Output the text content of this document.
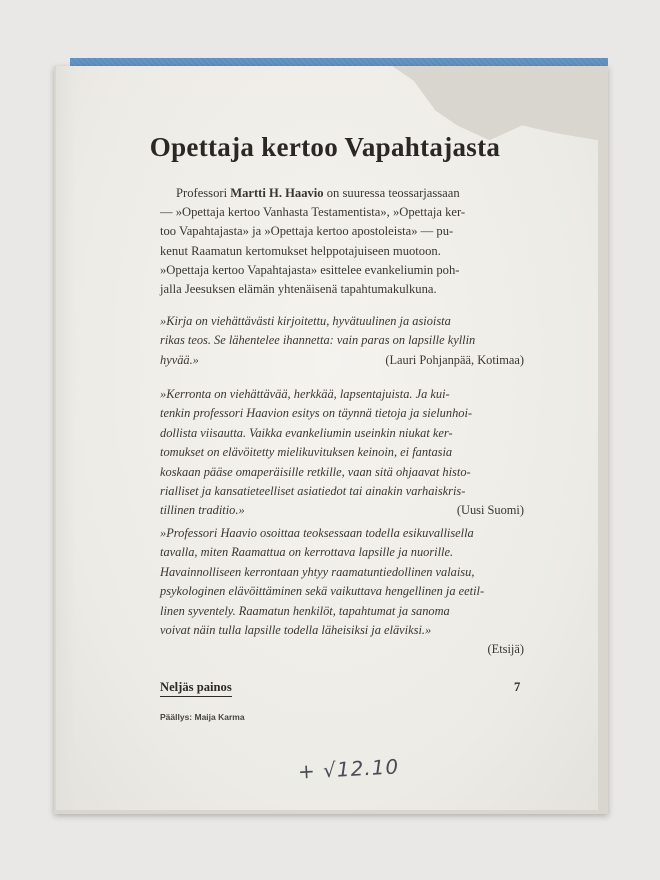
Opettaja kertoo Vapahtajasta
Professori Martti H. Haavio on suuressa teossarjassaan
— »Opettaja kertoo Vanhasta Testamentista», »Opettaja ker-
too Vapahtajasta» ja »Opettaja kertoo apostoleista» — pu-
kenut Raamatun kertomukset helppotajuiseen muotoon.
»Opettaja kertoo Vapahtajasta» esittelee evankeliumin poh-
jalla Jeesuksen elämän yhtenäisenä tapahtumakulkuna.
»Kirja on viehättävästi kirjoitettu, hyvätuulinen ja asioista
rikas teos. Se lähentelee ihannetta: vain paras on lapsille kyllin
hyvää.»	(Lauri Pohjanpää, Kotimaa)
»Kerronta on viehättävää, herkkää, lapsentajuista. Ja kui-
tenkin professori Haavion esitys on täynnä tietoja ja sielunhoi-
dollista viisautta. Vaikka evankeliumin useinkin niukat ker-
tomukset on elävöitetty mielikuvituksen keinoin, ei fantasia
koskaan pääse omaperäisille retkille, vaan sitä ohjaavat histo-
rialliset ja kansatieteelliset asiatiedot tai ainakin varhaiskris-
tillinen traditio.»	(Uusi Suomi)
»Professori Haavio osoittaa teoksessaan todella esikuvallisella
tavalla, miten Raamattua on kerrottava lapsille ja nuorille.
Havainnolliseen kerrontaan yhtyy raamatuntiedollinen valaisu,
psykologinen elävöittäminen sekä vaikuttava hengellinen ja eetil-
linen syventely. Raamatun henkilöt, tapahtumat ja sanoma
voivat näin tulla lapsille todella läheisiksi ja eläviksi.»
(Etsijä)
Neljäs painos	7
Päällys: Maija Karma
+ √12.10
